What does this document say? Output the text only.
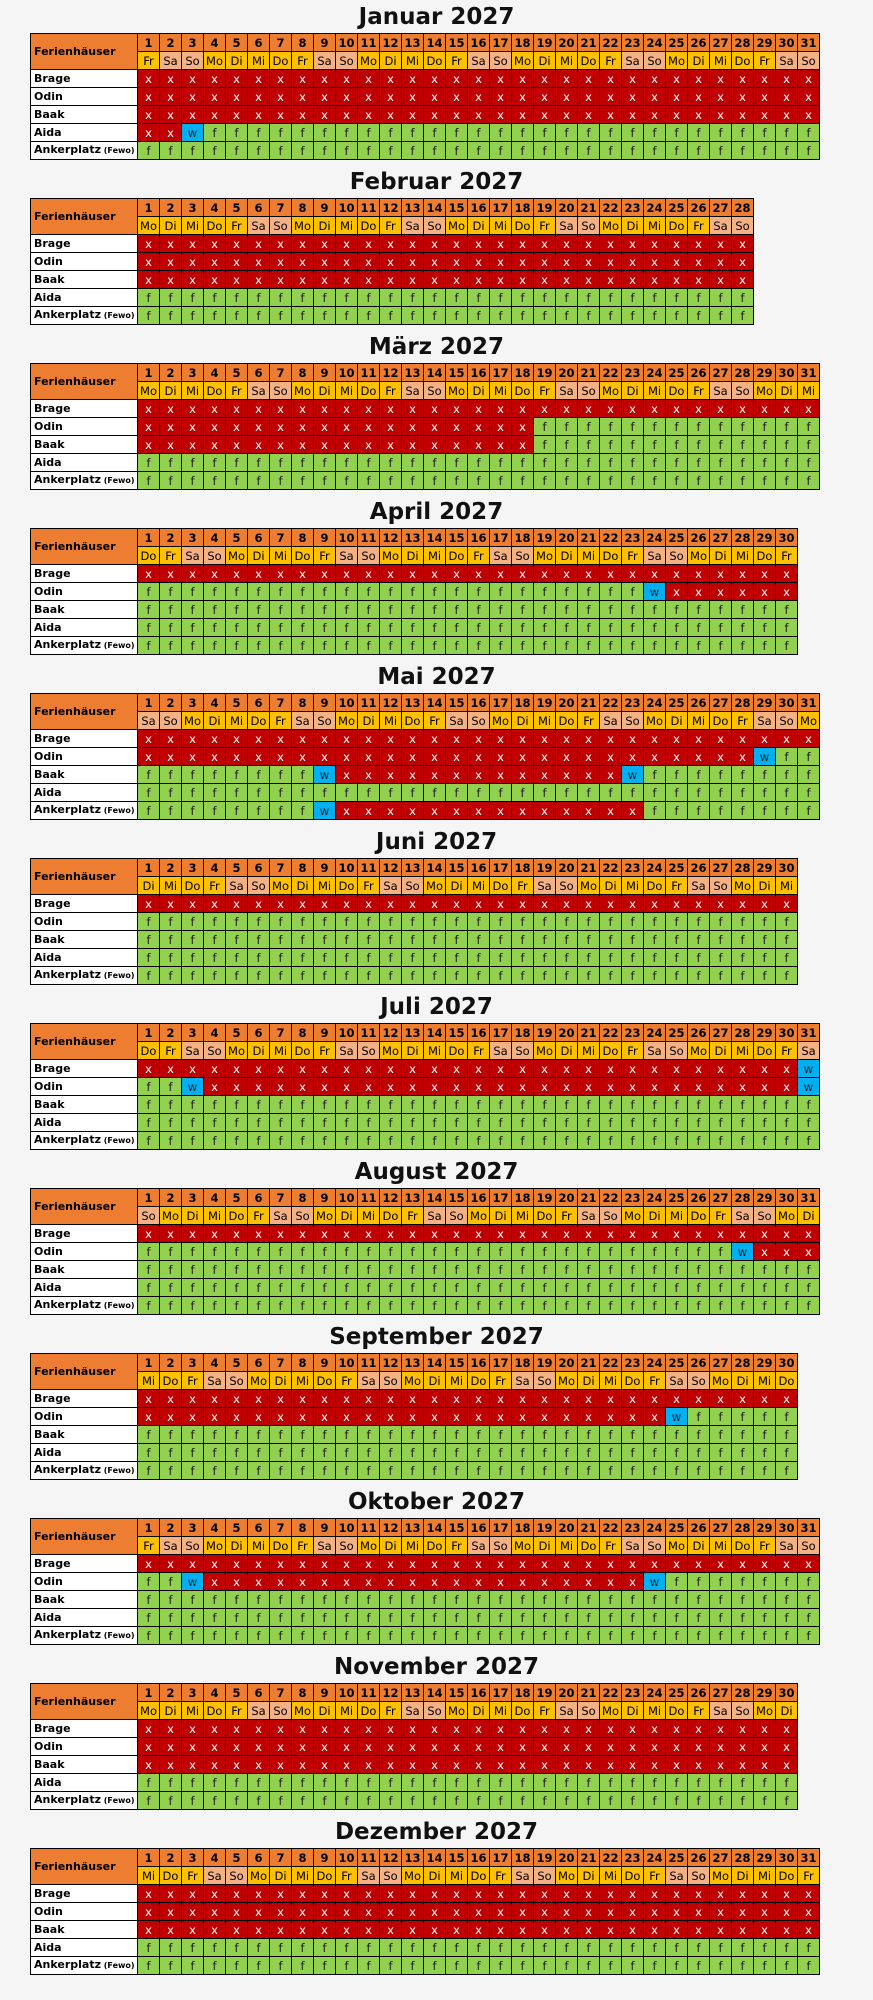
Januar 2027
Ferienhäuser	1	2	3	4	5	6	7	8	9	10	11	12	13	14	15	16	17	18	19	20	21	22	23	24	25	26	27	28	29	30	31
	Fr	Sa	So	Mo	Di	Mi	Do	Fr	Sa	So	Mo	Di	Mi	Do	Fr	Sa	So	Mo	Di	Mi	Do	Fr	Sa	So	Mo	Di	Mi	Do	Fr	Sa	So
Brage	x	x	x	x	x	x	x	x	x	x	x	x	x	x	x	x	x	x	x	x	x	x	x	x	x	x	x	x	x	x	x
Odin	x	x	x	x	x	x	x	x	x	x	x	x	x	x	x	x	x	x	x	x	x	x	x	x	x	x	x	x	x	x	x
Baak	x	x	x	x	x	x	x	x	x	x	x	x	x	x	x	x	x	x	x	x	x	x	x	x	x	x	x	x	x	x	x
Aida	x	x	w	f	f	f	f	f	f	f	f	f	f	f	f	f	f	f	f	f	f	f	f	f	f	f	f	f	f	f	f
Ankerplatz (Fewo)	f	f	f	f	f	f	f	f	f	f	f	f	f	f	f	f	f	f	f	f	f	f	f	f	f	f	f	f	f	f	f
Februar 2027
Ferienhäuser	1	2	3	4	5	6	7	8	9	10	11	12	13	14	15	16	17	18	19	20	21	22	23	24	25	26	27	28
	Mo	Di	Mi	Do	Fr	Sa	So	Mo	Di	Mi	Do	Fr	Sa	So	Mo	Di	Mi	Do	Fr	Sa	So	Mo	Di	Mi	Do	Fr	Sa	So
Brage	x	x	x	x	x	x	x	x	x	x	x	x	x	x	x	x	x	x	x	x	x	x	x	x	x	x	x	x
Odin	x	x	x	x	x	x	x	x	x	x	x	x	x	x	x	x	x	x	x	x	x	x	x	x	x	x	x	x
Baak	x	x	x	x	x	x	x	x	x	x	x	x	x	x	x	x	x	x	x	x	x	x	x	x	x	x	x	x
Aida	f	f	f	f	f	f	f	f	f	f	f	f	f	f	f	f	f	f	f	f	f	f	f	f	f	f	f	f
Ankerplatz (Fewo)	f	f	f	f	f	f	f	f	f	f	f	f	f	f	f	f	f	f	f	f	f	f	f	f	f	f	f	f
März 2027
Ferienhäuser	1	2	3	4	5	6	7	8	9	10	11	12	13	14	15	16	17	18	19	20	21	22	23	24	25	26	27	28	29	30	31
	Mo	Di	Mi	Do	Fr	Sa	So	Mo	Di	Mi	Do	Fr	Sa	So	Mo	Di	Mi	Do	Fr	Sa	So	Mo	Di	Mi	Do	Fr	Sa	So	Mo	Di	Mi
Brage	x	x	x	x	x	x	x	x	x	x	x	x	x	x	x	x	x	x	x	x	x	x	x	x	x	x	x	x	x	x	x
Odin	x	x	x	x	x	x	x	x	x	x	x	x	x	x	x	x	x	x	f	f	f	f	f	f	f	f	f	f	f	f	f
Baak	x	x	x	x	x	x	x	x	x	x	x	x	x	x	x	x	x	x	f	f	f	f	f	f	f	f	f	f	f	f	f
Aida	f	f	f	f	f	f	f	f	f	f	f	f	f	f	f	f	f	f	f	f	f	f	f	f	f	f	f	f	f	f	f
Ankerplatz (Fewo)	f	f	f	f	f	f	f	f	f	f	f	f	f	f	f	f	f	f	f	f	f	f	f	f	f	f	f	f	f	f	f
April 2027
Ferienhäuser	1	2	3	4	5	6	7	8	9	10	11	12	13	14	15	16	17	18	19	20	21	22	23	24	25	26	27	28	29	30
	Do	Fr	Sa	So	Mo	Di	Mi	Do	Fr	Sa	So	Mo	Di	Mi	Do	Fr	Sa	So	Mo	Di	Mi	Do	Fr	Sa	So	Mo	Di	Mi	Do	Fr
Brage	x	x	x	x	x	x	x	x	x	x	x	x	x	x	x	x	x	x	x	x	x	x	x	x	x	x	x	x	x	x
Odin	f	f	f	f	f	f	f	f	f	f	f	f	f	f	f	f	f	f	f	f	f	f	f	w	x	x	x	x	x	x
Baak	f	f	f	f	f	f	f	f	f	f	f	f	f	f	f	f	f	f	f	f	f	f	f	f	f	f	f	f	f	f
Aida	f	f	f	f	f	f	f	f	f	f	f	f	f	f	f	f	f	f	f	f	f	f	f	f	f	f	f	f	f	f
Ankerplatz (Fewo)	f	f	f	f	f	f	f	f	f	f	f	f	f	f	f	f	f	f	f	f	f	f	f	f	f	f	f	f	f	f
Mai 2027
Ferienhäuser	1	2	3	4	5	6	7	8	9	10	11	12	13	14	15	16	17	18	19	20	21	22	23	24	25	26	27	28	29	30	31
	Sa	So	Mo	Di	Mi	Do	Fr	Sa	So	Mo	Di	Mi	Do	Fr	Sa	So	Mo	Di	Mi	Do	Fr	Sa	So	Mo	Di	Mi	Do	Fr	Sa	So	Mo
Brage	x	x	x	x	x	x	x	x	x	x	x	x	x	x	x	x	x	x	x	x	x	x	x	x	x	x	x	x	x	x	x
Odin	x	x	x	x	x	x	x	x	x	x	x	x	x	x	x	x	x	x	x	x	x	x	x	x	x	x	x	x	w	f	f
Baak	f	f	f	f	f	f	f	f	w	x	x	x	x	x	x	x	x	x	x	x	x	x	w	f	f	f	f	f	f	f	f
Aida	f	f	f	f	f	f	f	f	f	f	f	f	f	f	f	f	f	f	f	f	f	f	f	f	f	f	f	f	f	f	f
Ankerplatz (Fewo)	f	f	f	f	f	f	f	f	w	x	x	x	x	x	x	x	x	x	x	x	x	x	x	f	f	f	f	f	f	f	f
Juni 2027
Ferienhäuser	1	2	3	4	5	6	7	8	9	10	11	12	13	14	15	16	17	18	19	20	21	22	23	24	25	26	27	28	29	30
	Di	Mi	Do	Fr	Sa	So	Mo	Di	Mi	Do	Fr	Sa	So	Mo	Di	Mi	Do	Fr	Sa	So	Mo	Di	Mi	Do	Fr	Sa	So	Mo	Di	Mi
Brage	x	x	x	x	x	x	x	x	x	x	x	x	x	x	x	x	x	x	x	x	x	x	x	x	x	x	x	x	x	x
Odin	f	f	f	f	f	f	f	f	f	f	f	f	f	f	f	f	f	f	f	f	f	f	f	f	f	f	f	f	f	f
Baak	f	f	f	f	f	f	f	f	f	f	f	f	f	f	f	f	f	f	f	f	f	f	f	f	f	f	f	f	f	f
Aida	f	f	f	f	f	f	f	f	f	f	f	f	f	f	f	f	f	f	f	f	f	f	f	f	f	f	f	f	f	f
Ankerplatz (Fewo)	f	f	f	f	f	f	f	f	f	f	f	f	f	f	f	f	f	f	f	f	f	f	f	f	f	f	f	f	f	f
Juli 2027
Ferienhäuser	1	2	3	4	5	6	7	8	9	10	11	12	13	14	15	16	17	18	19	20	21	22	23	24	25	26	27	28	29	30	31
	Do	Fr	Sa	So	Mo	Di	Mi	Do	Fr	Sa	So	Mo	Di	Mi	Do	Fr	Sa	So	Mo	Di	Mi	Do	Fr	Sa	So	Mo	Di	Mi	Do	Fr	Sa
Brage	x	x	x	x	x	x	x	x	x	x	x	x	x	x	x	x	x	x	x	x	x	x	x	x	x	x	x	x	x	x	w
Odin	f	f	w	x	x	x	x	x	x	x	x	x	x	x	x	x	x	x	x	x	x	x	x	x	x	x	x	x	x	x	w
Baak	f	f	f	f	f	f	f	f	f	f	f	f	f	f	f	f	f	f	f	f	f	f	f	f	f	f	f	f	f	f	f
Aida	f	f	f	f	f	f	f	f	f	f	f	f	f	f	f	f	f	f	f	f	f	f	f	f	f	f	f	f	f	f	f
Ankerplatz (Fewo)	f	f	f	f	f	f	f	f	f	f	f	f	f	f	f	f	f	f	f	f	f	f	f	f	f	f	f	f	f	f	f
August 2027
Ferienhäuser	1	2	3	4	5	6	7	8	9	10	11	12	13	14	15	16	17	18	19	20	21	22	23	24	25	26	27	28	29	30	31
	So	Mo	Di	Mi	Do	Fr	Sa	So	Mo	Di	Mi	Do	Fr	Sa	So	Mo	Di	Mi	Do	Fr	Sa	So	Mo	Di	Mi	Do	Fr	Sa	So	Mo	Di
Brage	x	x	x	x	x	x	x	x	x	x	x	x	x	x	x	x	x	x	x	x	x	x	x	x	x	x	x	x	x	x	x
Odin	f	f	f	f	f	f	f	f	f	f	f	f	f	f	f	f	f	f	f	f	f	f	f	f	f	f	f	w	x	x	x
Baak	f	f	f	f	f	f	f	f	f	f	f	f	f	f	f	f	f	f	f	f	f	f	f	f	f	f	f	f	f	f	f
Aida	f	f	f	f	f	f	f	f	f	f	f	f	f	f	f	f	f	f	f	f	f	f	f	f	f	f	f	f	f	f	f
Ankerplatz (Fewo)	f	f	f	f	f	f	f	f	f	f	f	f	f	f	f	f	f	f	f	f	f	f	f	f	f	f	f	f	f	f	f
September 2027
Ferienhäuser	1	2	3	4	5	6	7	8	9	10	11	12	13	14	15	16	17	18	19	20	21	22	23	24	25	26	27	28	29	30
	Mi	Do	Fr	Sa	So	Mo	Di	Mi	Do	Fr	Sa	So	Mo	Di	Mi	Do	Fr	Sa	So	Mo	Di	Mi	Do	Fr	Sa	So	Mo	Di	Mi	Do
Brage	x	x	x	x	x	x	x	x	x	x	x	x	x	x	x	x	x	x	x	x	x	x	x	x	x	x	x	x	x	x
Odin	x	x	x	x	x	x	x	x	x	x	x	x	x	x	x	x	x	x	x	x	x	x	x	x	w	f	f	f	f	f
Baak	f	f	f	f	f	f	f	f	f	f	f	f	f	f	f	f	f	f	f	f	f	f	f	f	f	f	f	f	f	f
Aida	f	f	f	f	f	f	f	f	f	f	f	f	f	f	f	f	f	f	f	f	f	f	f	f	f	f	f	f	f	f
Ankerplatz (Fewo)	f	f	f	f	f	f	f	f	f	f	f	f	f	f	f	f	f	f	f	f	f	f	f	f	f	f	f	f	f	f
Oktober 2027
Ferienhäuser	1	2	3	4	5	6	7	8	9	10	11	12	13	14	15	16	17	18	19	20	21	22	23	24	25	26	27	28	29	30	31
	Fr	Sa	So	Mo	Di	Mi	Do	Fr	Sa	So	Mo	Di	Mi	Do	Fr	Sa	So	Mo	Di	Mi	Do	Fr	Sa	So	Mo	Di	Mi	Do	Fr	Sa	So
Brage	x	x	x	x	x	x	x	x	x	x	x	x	x	x	x	x	x	x	x	x	x	x	x	x	x	x	x	x	x	x	x
Odin	f	f	w	x	x	x	x	x	x	x	x	x	x	x	x	x	x	x	x	x	x	x	x	w	f	f	f	f	f	f	f
Baak	f	f	f	f	f	f	f	f	f	f	f	f	f	f	f	f	f	f	f	f	f	f	f	f	f	f	f	f	f	f	f
Aida	f	f	f	f	f	f	f	f	f	f	f	f	f	f	f	f	f	f	f	f	f	f	f	f	f	f	f	f	f	f	f
Ankerplatz (Fewo)	f	f	f	f	f	f	f	f	f	f	f	f	f	f	f	f	f	f	f	f	f	f	f	f	f	f	f	f	f	f	f
November 2027
Ferienhäuser	1	2	3	4	5	6	7	8	9	10	11	12	13	14	15	16	17	18	19	20	21	22	23	24	25	26	27	28	29	30
	Mo	Di	Mi	Do	Fr	Sa	So	Mo	Di	Mi	Do	Fr	Sa	So	Mo	Di	Mi	Do	Fr	Sa	So	Mo	Di	Mi	Do	Fr	Sa	So	Mo	Di
Brage	x	x	x	x	x	x	x	x	x	x	x	x	x	x	x	x	x	x	x	x	x	x	x	x	x	x	x	x	x	x
Odin	x	x	x	x	x	x	x	x	x	x	x	x	x	x	x	x	x	x	x	x	x	x	x	x	x	x	x	x	x	x
Baak	x	x	x	x	x	x	x	x	x	x	x	x	x	x	x	x	x	x	x	x	x	x	x	x	x	x	x	x	x	x
Aida	f	f	f	f	f	f	f	f	f	f	f	f	f	f	f	f	f	f	f	f	f	f	f	f	f	f	f	f	f	f
Ankerplatz (Fewo)	f	f	f	f	f	f	f	f	f	f	f	f	f	f	f	f	f	f	f	f	f	f	f	f	f	f	f	f	f	f
Dezember 2027
Ferienhäuser	1	2	3	4	5	6	7	8	9	10	11	12	13	14	15	16	17	18	19	20	21	22	23	24	25	26	27	28	29	30	31
	Mi	Do	Fr	Sa	So	Mo	Di	Mi	Do	Fr	Sa	So	Mo	Di	Mi	Do	Fr	Sa	So	Mo	Di	Mi	Do	Fr	Sa	So	Mo	Di	Mi	Do	Fr
Brage	x	x	x	x	x	x	x	x	x	x	x	x	x	x	x	x	x	x	x	x	x	x	x	x	x	x	x	x	x	x	x
Odin	x	x	x	x	x	x	x	x	x	x	x	x	x	x	x	x	x	x	x	x	x	x	x	x	x	x	x	x	x	x	x
Baak	x	x	x	x	x	x	x	x	x	x	x	x	x	x	x	x	x	x	x	x	x	x	x	x	x	x	x	x	x	x	x
Aida	f	f	f	f	f	f	f	f	f	f	f	f	f	f	f	f	f	f	f	f	f	f	f	f	f	f	f	f	f	f	f
Ankerplatz (Fewo)	f	f	f	f	f	f	f	f	f	f	f	f	f	f	f	f	f	f	f	f	f	f	f	f	f	f	f	f	f	f	f
